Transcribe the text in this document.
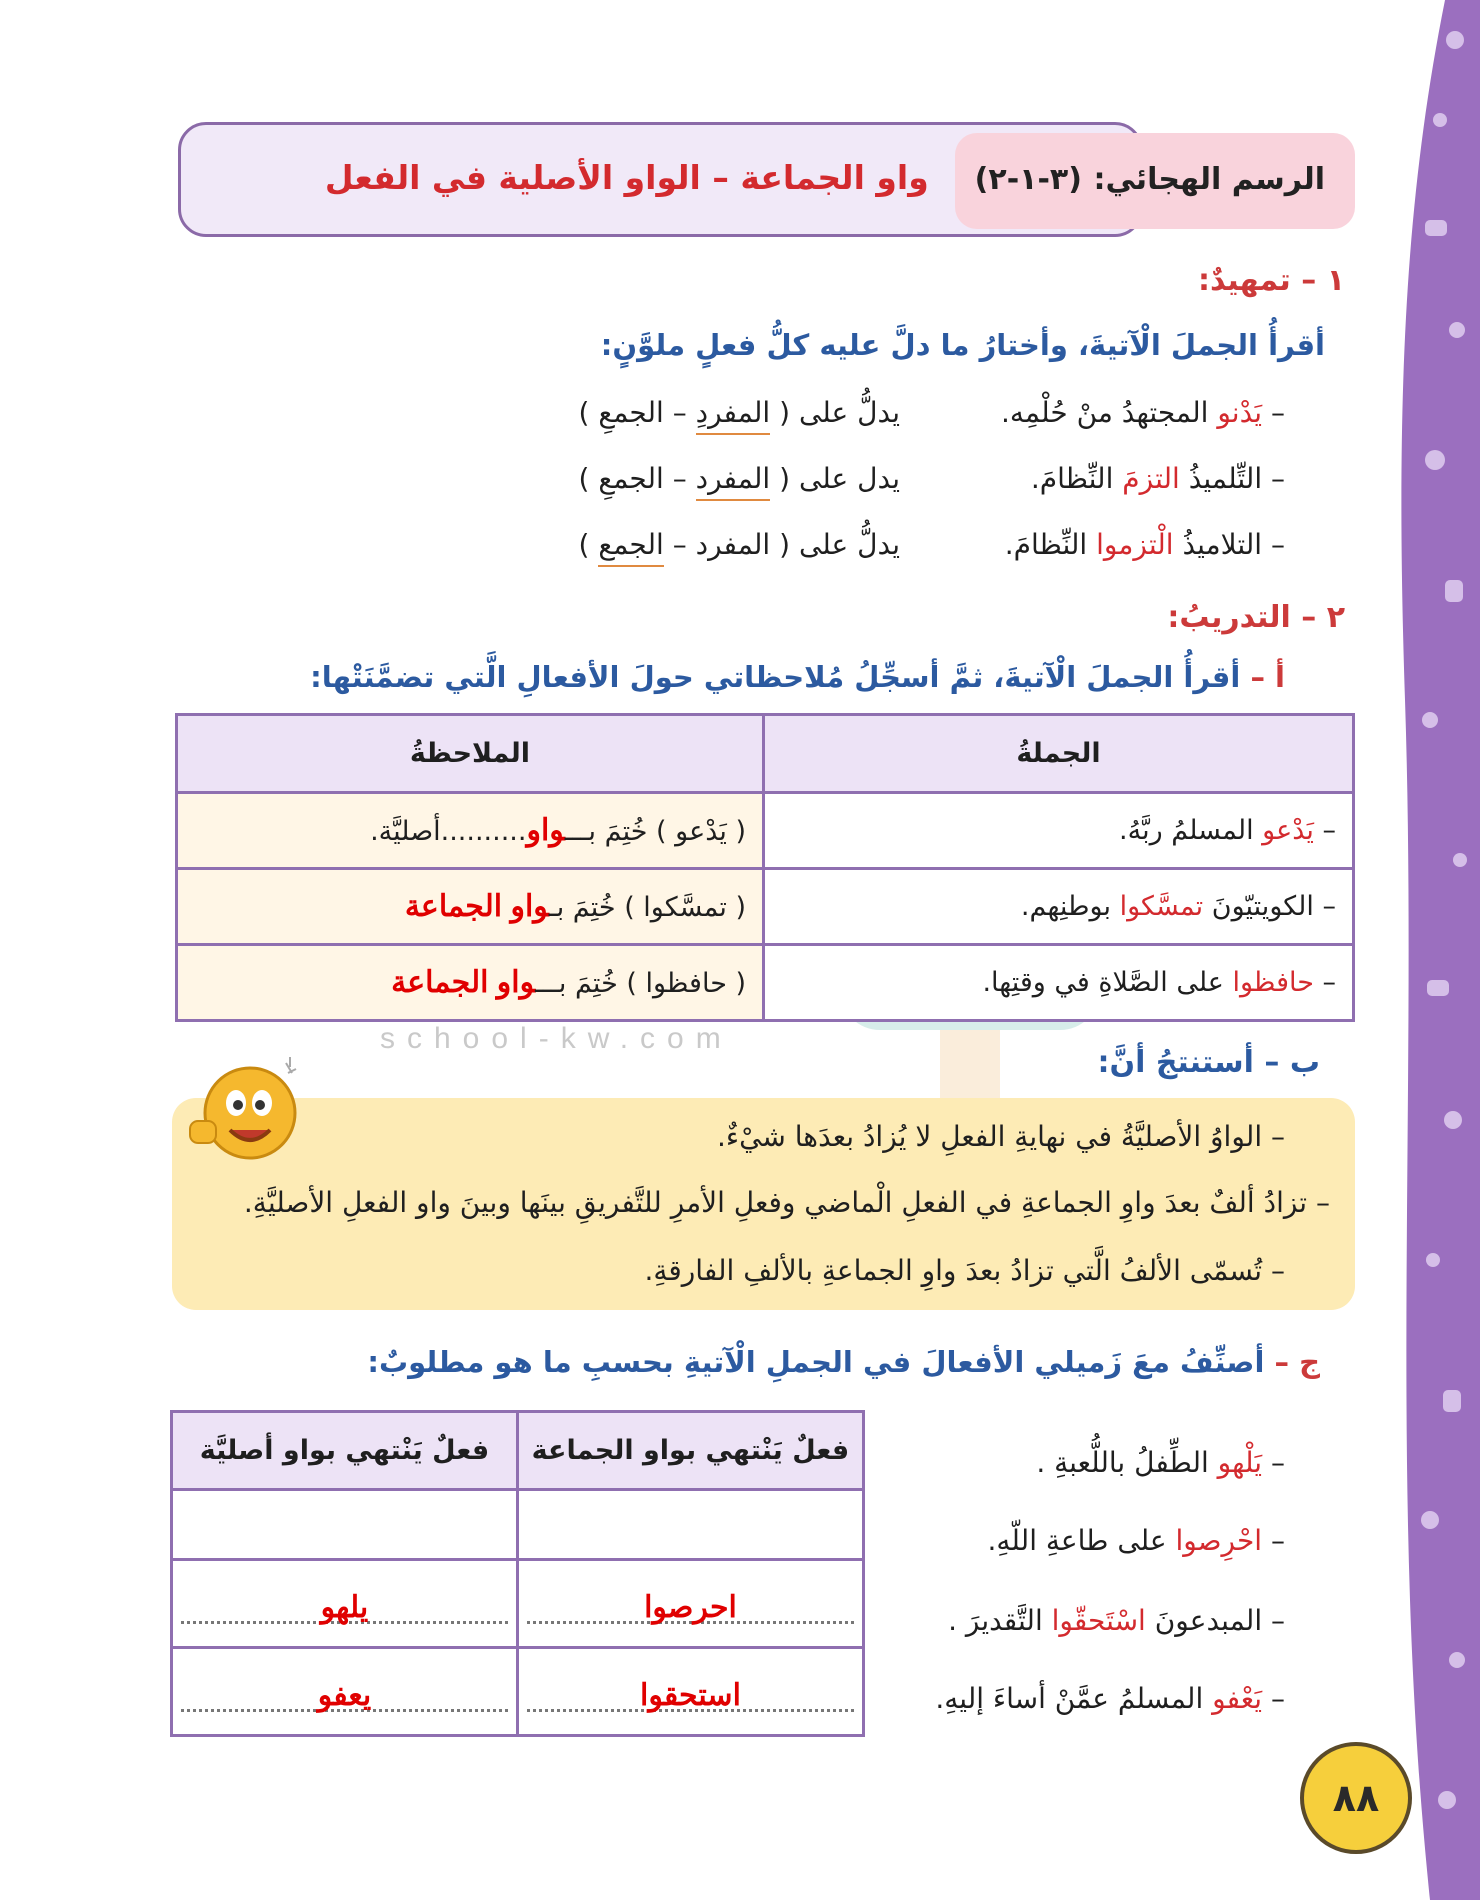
الرسم الهجائي: (٣-١-٢)    واو الجماعة – الواو الأصلية في الفعل
١ – تمهيدٌ:
أقرأُ الجملَ الْآتيةَ، وأختارُ ما دلَّ عليه كلُّ فعلٍ ملوَّنٍ:
– يَدْنو المجتهدُ منْ حُلْمِه.
يدلُّ على ( المفردِ – الجمعِ )
– التِّلميذُ التزمَ النِّظامَ.
يدل على ( المفرد – الجمعِ )
– التلاميذُ الْتزموا النِّظامَ.
يدلُّ على ( المفرد – الجمع )
٢ – التدريبُ:
أ – أقرأُ الجملَ الْآتيةَ، ثمَّ أسجِّلُ مُلاحظاتي حولَ الأفعالِ الَّتي تضمَّنَتْها:
الجملةُ	الملاحظةُ
– يَدْعو المسلمُ ربَّهُ.	( يَدْعو ) خُتِمَ بـــواو..........أصليَّة.
– الكويتيّونَ تمسَّكوا بوطنِهم.	( تمسَّكوا ) خُتِمَ بـواو الجماعة
– حافظوا على الصَّلاةِ في وقتِها.	( حافظوا ) خُتِمَ بـــواو الجماعة
school-kw.com
ب – أستنتجُ أنَّ:
– الواوُ الأصليَّةُ في نهايةِ الفعلِ لا يُزادُ بعدَها شيْءٌ.
– تزادُ ألفٌ بعدَ واوِ الجماعةِ في الفعلِ الْماضي وفعلِ الأمرِ للتَّفريقِ بينَها وبينَ واو الفعلِ الأصليَّةِ.
– تُسمّى الألفُ الَّتي تزادُ بعدَ واوِ الجماعةِ بالألفِ الفارقةِ.
ج – أصنِّفُ معَ زَميلي الأفعالَ في الجملِ الْآتيةِ بحسبِ ما هو مطلوبٌ:
– يَلْهو الطِّفلُ باللُّعبةِ .
– احْرِصوا على طاعةِ اللّهِ.
– المبدعونَ اسْتَحقّوا التَّقديرَ .
– يَعْفو المسلمُ عمَّنْ أساءَ إليهِ.
فعلٌ يَنْتهي بواو الجماعة	فعلٌ يَنْتهي بواو أصليَّة

احرصوا	يلهو

استحقوا	يعفو
٨٨
